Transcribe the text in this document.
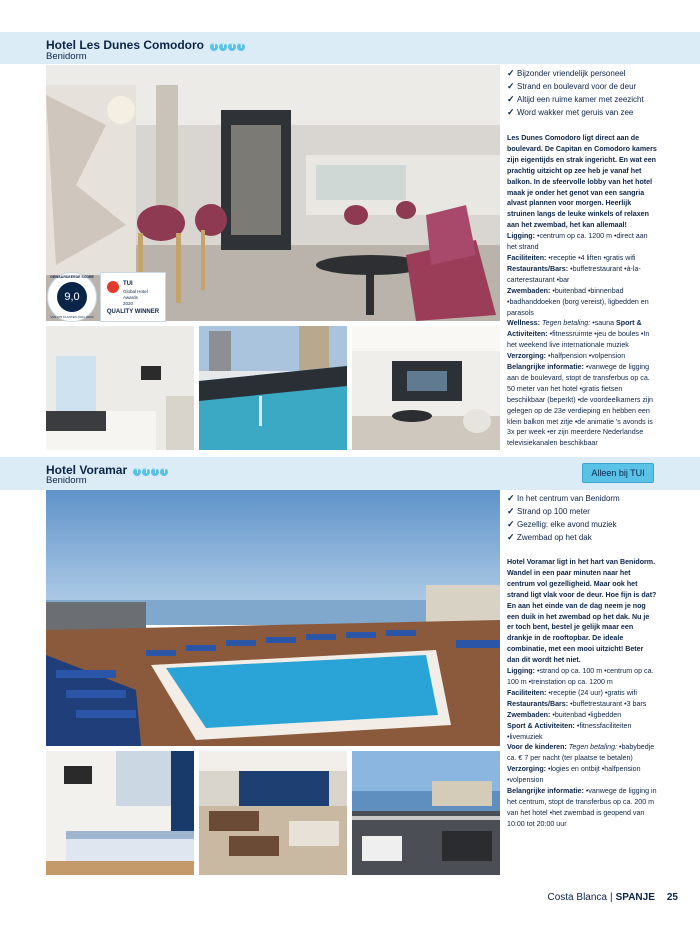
Hotel Les Dunes Comodoro T T T T
Benidorm
GEWAARDEERDE SCORE
9,0
VAN 275 KLANTEN (NOV 2020)
TUI
Global Hotel
Awards
2020
QUALITY WINNER
✓ Bijzonder vriendelijk personeel
✓ Strand en boulevard voor de deur
✓ Altijd een ruime kamer met zeezicht
✓ Word wakker met geruis van zee
Les Dunes Comodoro ligt direct aan de boulevard. De Capitan en Comodoro kamers zijn eigentijds en strak ingericht. En wat een prachtig uitzicht op zee heb je vanaf het balkon. In de sfeervolle lobby van het hotel maak je onder het genot van een sangria alvast plannen voor morgen. Heerlijk struinen langs de leuke winkels of relaxen aan het zwembad, het kan allemaal!
Ligging: •centrum op ca. 1200 m •direct aan het strand
Faciliteiten: •receptie •4 liften •gratis wifi
Restaurants/Bars: •buffetrestaurant •à-la-carterestaurant •bar
Zwembaden: •buitenbad •binnenbad •badhanddoeken (borg vereist), ligbedden en parasols
Wellness: Tegen betaling: •sauna Sport & Activiteiten: •fitnessruimte •jeu de boules •In het weekend live internationale muziek
Verzorging: •halfpension •volpension
Belangrijke informatie: •vanwege de ligging aan de boulevard, stopt de transferbus op ca. 50 meter van het hotel •gratis fietsen beschikbaar (beperkt) •de voordeelkamers zijn gelegen op de 23e verdieping en hebben een klein balkon met zitje •de animatie 's avonds is 3x per week •er zijn meerdere Nederlandse televisiekanalen beschikbaar
Hotel Voramar T T T T
Benidorm
Alleen bij TUI
✓ In het centrum van Benidorm
✓ Strand op 100 meter
✓ Gezellig: elke avond muziek
✓ Zwembad op het dak
Hotel Voramar ligt in het hart van Benidorm. Wandel in een paar minuten naar het centrum vol gezelligheid. Maar ook het strand ligt vlak voor de deur. Hoe fijn is dat? En aan het einde van de dag neem je nog een duik in het zwembad op het dak. Nu je er toch bent, bestel je gelijk maar een drankje in de rooftopbar. De ideale combinatie, met een mooi uitzicht! Beter dan dit wordt het niet.
Ligging: •strand op ca. 100 m •centrum op ca. 100 m •treinstation op ca. 1200 m
Faciliteiten: •receptie (24 uur) •gratis wifi
Restaurants/Bars: •buffetrestaurant •3 bars
Zwembaden: •buitenbad •ligbedden
Sport & Activiteiten: •fitnessfaciliteiten •livemuziek
Voor de kinderen: Tegen betaling: •babybedje ca. € 7 per nacht (ter plaatse te betalen)
Verzorging: •logies en ontbijt •halfpension •volpension
Belangrijke informatie: •vanwege de ligging in het centrum, stopt de transferbus op ca. 200 m van het hotel •het zwembad is geopend van 10:00 tot 20:00 uur
Costa Blanca | SPANJE 25
